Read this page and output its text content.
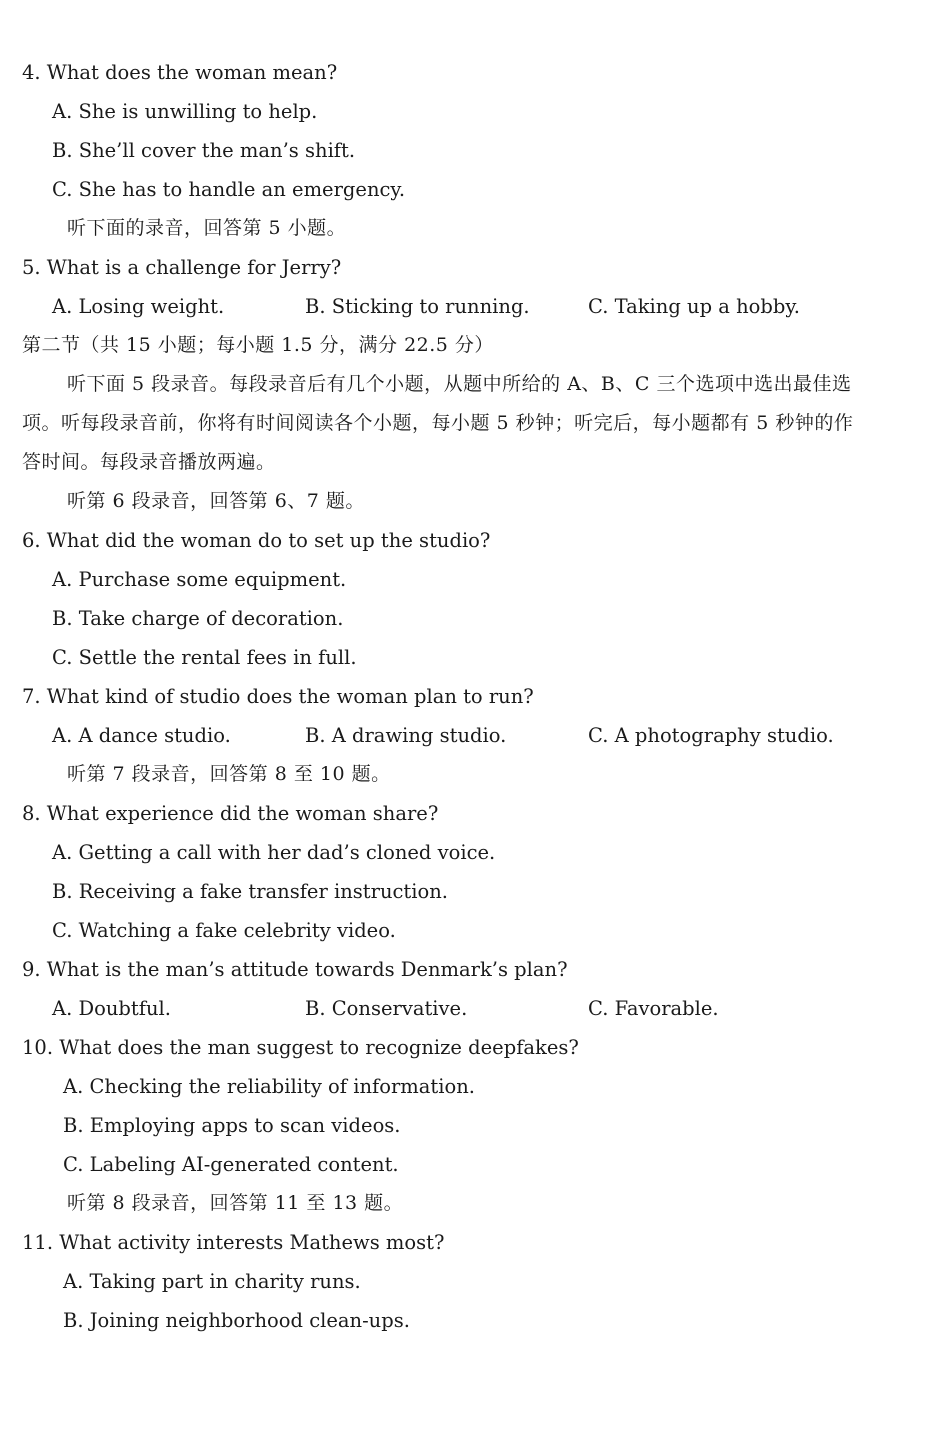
4. What does the woman mean?
A. She is unwilling to help.
B. She’ll cover the man’s shift.
C. She has to handle an emergency.
听下面的录音，回答第 5 小题。
5. What is a challenge for Jerry?
A. Losing weight.	B. Sticking to running.	C. Taking up a hobby.
第二节（共 15 小题；每小题 1.5 分，满分 22.5 分）
听下面 5 段录音。每段录音后有几个小题，从题中所给的 A、B、C 三个选项中选出最佳选
项。听每段录音前，你将有时间阅读各个小题，每小题 5 秒钟；听完后，每小题都有 5 秒钟的作
答时间。每段录音播放两遍。
听第 6 段录音，回答第 6、7 题。
6. What did the woman do to set up the studio?
A. Purchase some equipment.
B. Take charge of decoration.
C. Settle the rental fees in full.
7. What kind of studio does the woman plan to run?
A. A dance studio.	B. A drawing studio.	C. A photography studio.
听第 7 段录音，回答第 8 至 10 题。
8. What experience did the woman share?
A. Getting a call with her dad’s cloned voice.
B. Receiving a fake transfer instruction.
C. Watching a fake celebrity video.
9. What is the man’s attitude towards Denmark’s plan?
A. Doubtful.	B. Conservative.	C. Favorable.
10. What does the man suggest to recognize deepfakes?
A. Checking the reliability of information.
B. Employing apps to scan videos.
C. Labeling AI-generated content.
听第 8 段录音，回答第 11 至 13 题。
11. What activity interests Mathews most?
A. Taking part in charity runs.
B. Joining neighborhood clean-ups.
